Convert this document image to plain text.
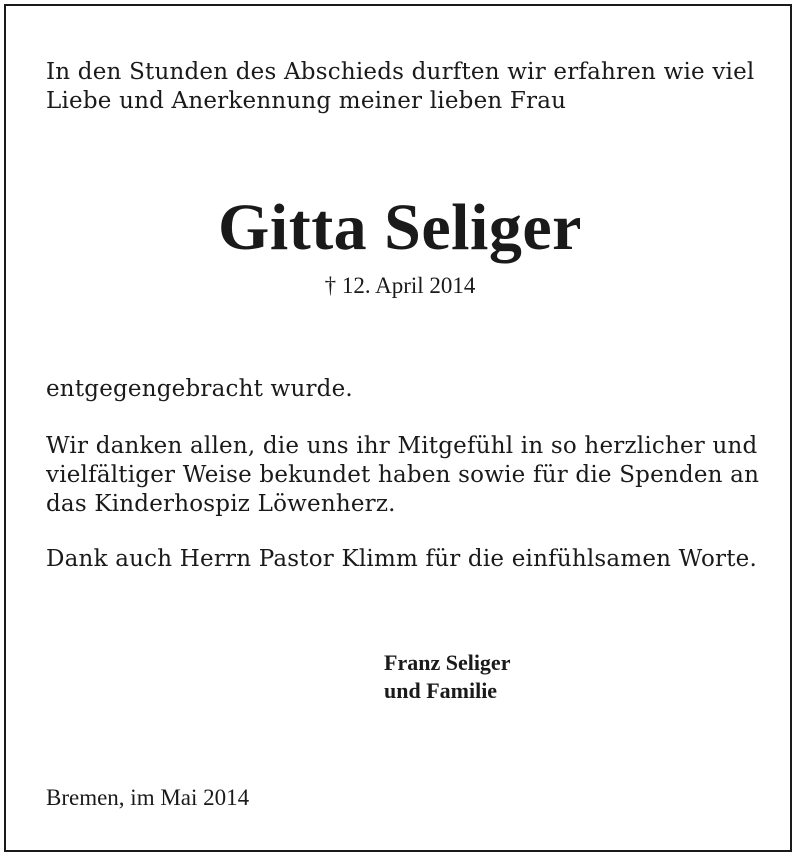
In den Stunden des Abschieds durften wir erfahren wie viel
Liebe und Anerkennung meiner lieben Frau
Gitta Seliger
† 12. April 2014
entgegengebracht wurde.
Wir danken allen, die uns ihr Mitgefühl in so herzlicher und
vielfältiger Weise bekundet haben sowie für die Spenden an
das Kinderhospiz Löwenherz.
Dank auch Herrn Pastor Klimm für die einfühlsamen Worte.
Franz Seliger
und Familie
Bremen, im Mai 2014
